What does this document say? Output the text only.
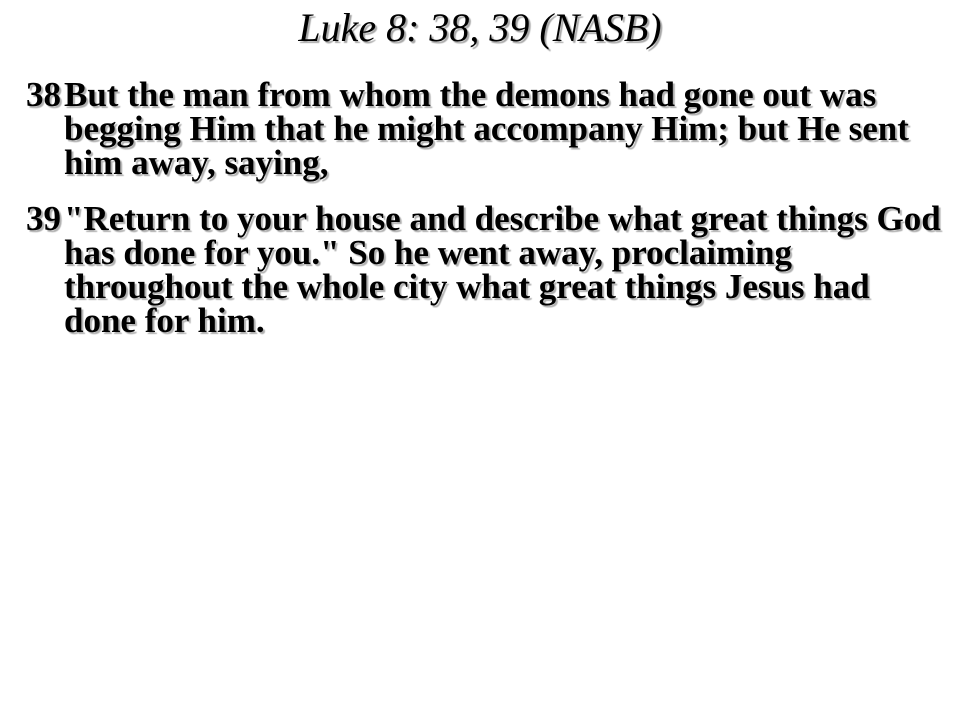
Luke 8: 38, 39 (NASB)
38 But the man from whom the demons had gone out was begging Him that he might accompany Him; but He sent him away, saying,
39 "Return to your house and describe what great things God has done for you." So he went away, proclaiming throughout the whole city what great things Jesus had done for him.
